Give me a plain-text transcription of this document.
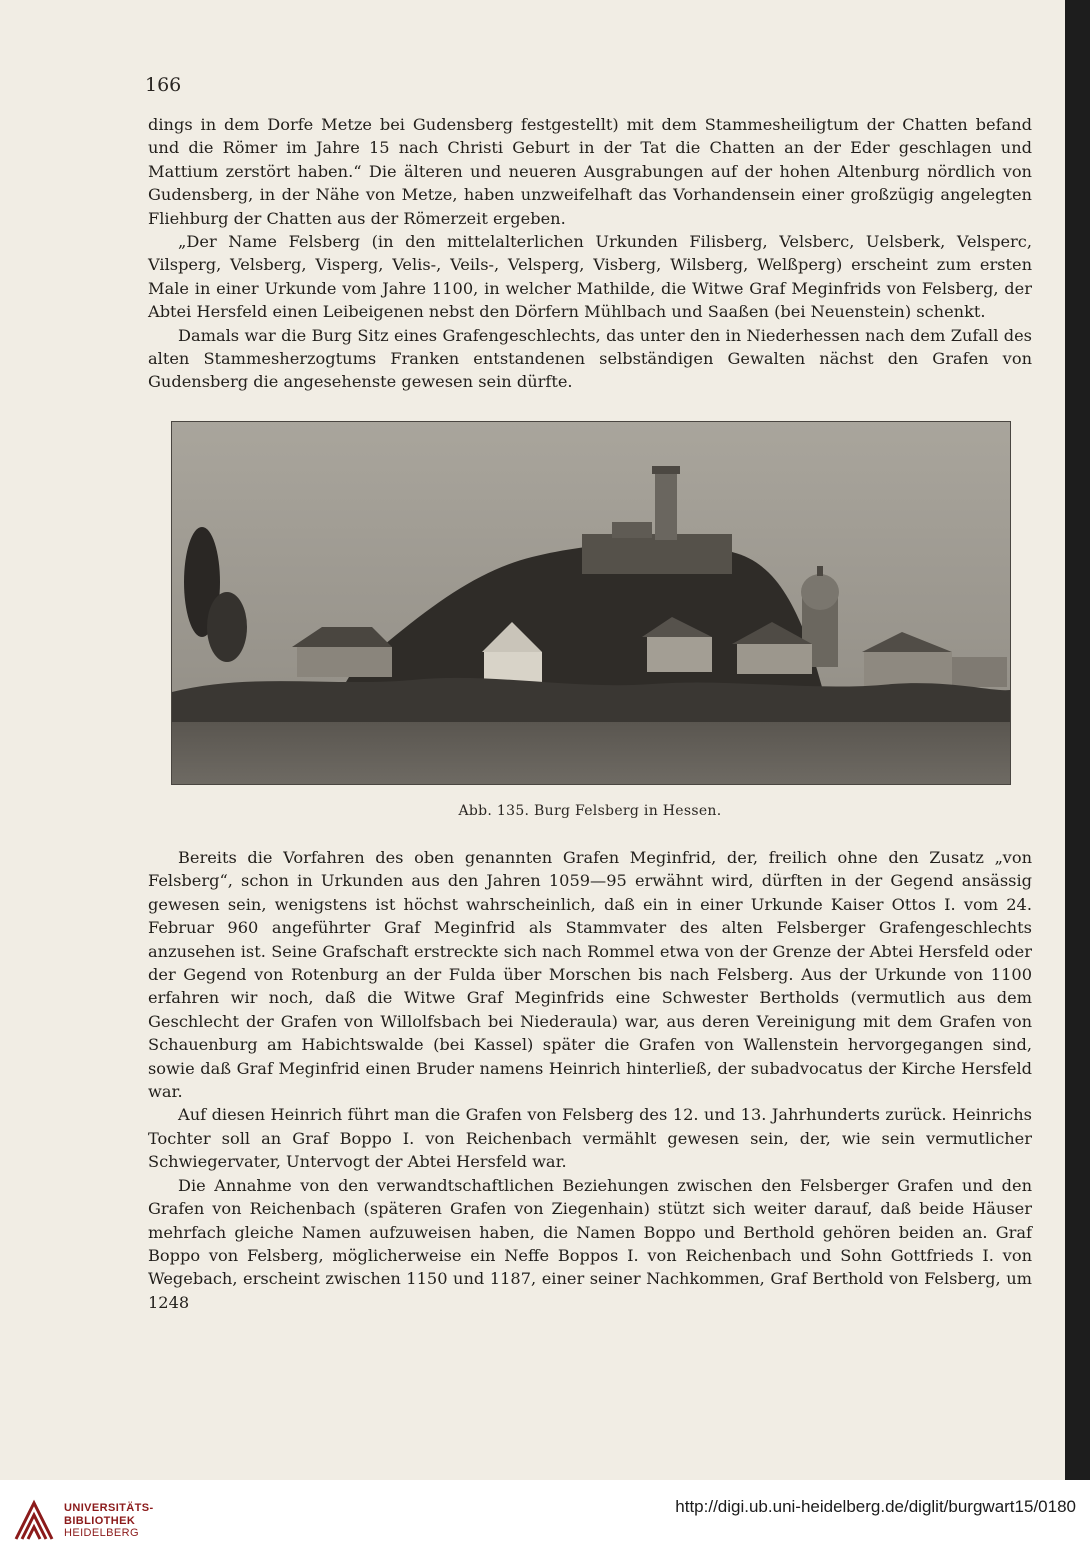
166

dings in dem Dorfe Metze bei Gudensberg festgestellt) mit dem Stammesheiligtum der Chatten befand und die Römer im Jahre 15 nach Christi Geburt in der Tat die Chatten an der Eder geschlagen und Mattium zerstört haben.“ Die älteren und neueren Ausgrabungen auf der hohen Altenburg nördlich von Gudensberg, in der Nähe von Metze, haben unzweifelhaft das Vorhandensein einer großzügig angelegten Fliehburg der Chatten aus der Römerzeit ergeben.

„Der Name Felsberg (in den mittelalterlichen Urkunden Filisberg, Velsberc, Uelsberk, Velsperc, Vilsperg, Velsberg, Visperg, Velis-, Veils-, Velsperg, Visberg, Wilsberg, Welßperg) erscheint zum ersten Male in einer Urkunde vom Jahre 1100, in welcher Mathilde, die Witwe Graf Meginfrids von Felsberg, der Abtei Hersfeld einen Leibeigenen nebst den Dörfern Mühlbach und Saaßen (bei Neuenstein) schenkt.

Damals war die Burg Sitz eines Grafengeschlechts, das unter den in Niederhessen nach dem Zufall des alten Stammesherzogtums Franken entstandenen selbständigen Gewalten nächst den Grafen von Gudensberg die angesehenste gewesen sein dürfte.

Abb. 135. Burg Felsberg in Hessen.

Bereits die Vorfahren des oben genannten Grafen Meginfrid, der, freilich ohne den Zusatz „von Felsberg“, schon in Urkunden aus den Jahren 1059—95 erwähnt wird, dürften in der Gegend ansässig gewesen sein, wenigstens ist höchst wahrscheinlich, daß ein in einer Urkunde Kaiser Ottos I. vom 24. Februar 960 angeführter Graf Meginfrid als Stammvater des alten Felsberger Grafengeschlechts anzusehen ist. Seine Grafschaft erstreckte sich nach Rommel etwa von der Grenze der Abtei Hersfeld oder der Gegend von Rotenburg an der Fulda über Morschen bis nach Felsberg. Aus der Urkunde von 1100 erfahren wir noch, daß die Witwe Graf Meginfrids eine Schwester Bertholds (vermutlich aus dem Geschlecht der Grafen von Willolfsbach bei Niederaula) war, aus deren Vereinigung mit dem Grafen von Schauenburg am Habichtswalde (bei Kassel) später die Grafen von Wallenstein hervorgegangen sind, sowie daß Graf Meginfrid einen Bruder namens Heinrich hinterließ, der subadvocatus der Kirche Hersfeld war.

Auf diesen Heinrich führt man die Grafen von Felsberg des 12. und 13. Jahrhunderts zurück. Heinrichs Tochter soll an Graf Boppo I. von Reichenbach vermählt gewesen sein, der, wie sein vermutlicher Schwiegervater, Untervogt der Abtei Hersfeld war.

Die Annahme von den verwandtschaftlichen Beziehungen zwischen den Felsberger Grafen und den Grafen von Reichenbach (späteren Grafen von Ziegenhain) stützt sich weiter darauf, daß beide Häuser mehrfach gleiche Namen aufzuweisen haben, die Namen Boppo und Berthold gehören beiden an. Graf Boppo von Felsberg, möglicherweise ein Neffe Boppos I. von Reichenbach und Sohn Gottfrieds I. von Wegebach, erscheint zwischen 1150 und 1187, einer seiner Nachkommen, Graf Berthold von Felsberg, um 1248

UNIVERSITÄTS-
BIBLIOTHEK
HEIDELBERG
http://digi.ub.uni-heidelberg.de/diglit/burgwart15/0180
